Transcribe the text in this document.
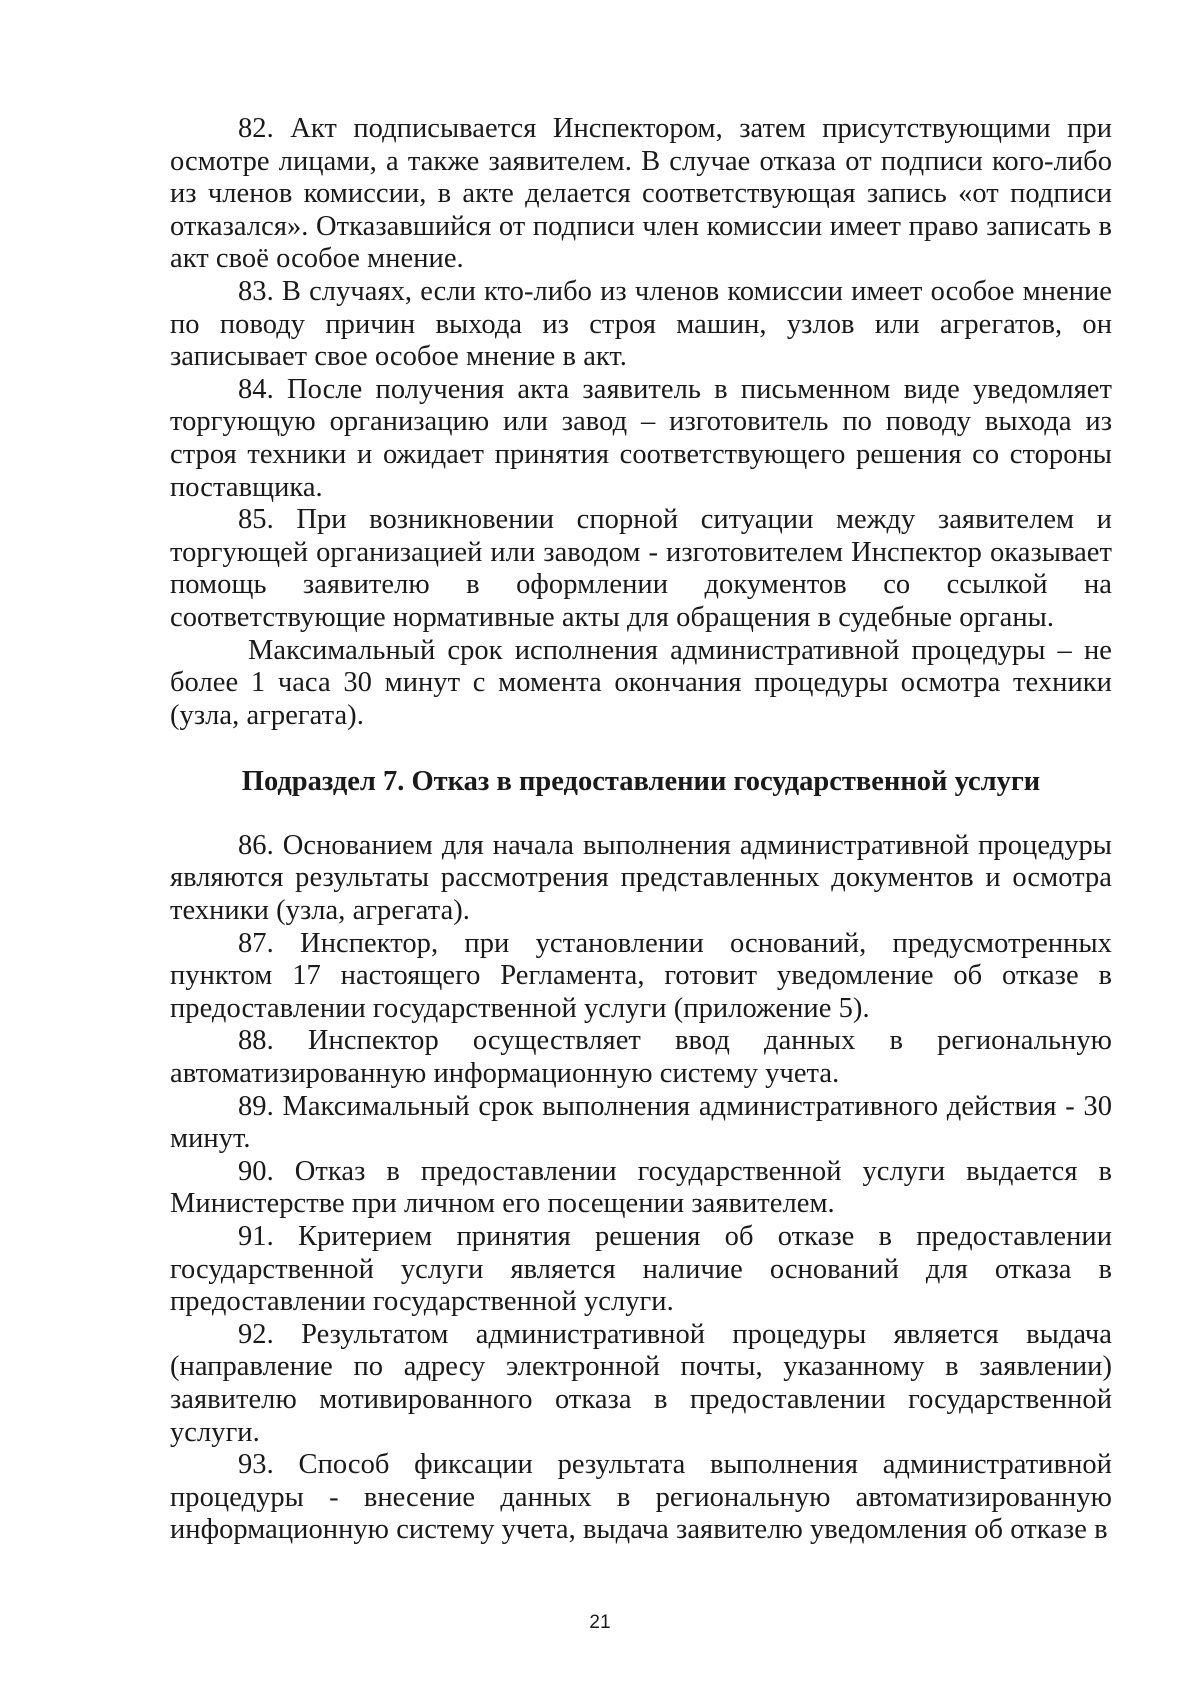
82. Акт подписывается Инспектором, затем присутствующими при осмотре лицами, а также заявителем. В случае отказа от подписи кого-либо из членов комиссии, в акте делается соответствующая запись «от подписи отказался». Отказавшийся от подписи член комиссии имеет право записать в акт своё особое мнение.

83. В случаях, если кто-либо из членов комиссии имеет особое мнение по поводу причин выхода из строя машин, узлов или агрегатов, он записывает свое особое мнение в акт.

84. После получения акта заявитель в письменном виде уведомляет торгующую организацию или завод – изготовитель по поводу выхода из строя техники и ожидает принятия соответствующего решения со стороны поставщика.

85. При возникновении спорной ситуации между заявителем и торгующей организацией или заводом - изготовителем Инспектор оказывает помощь заявителю в оформлении документов со ссылкой на соответствующие нормативные акты для обращения в судебные органы.

Максимальный срок исполнения административной процедуры – не более 1 часа 30 минут с момента окончания процедуры осмотра техники (узла, агрегата).

Подраздел 7. Отказ в предоставлении государственной услуги

86. Основанием для начала выполнения административной процедуры являются результаты рассмотрения представленных документов и осмотра техники (узла, агрегата).

87. Инспектор, при установлении оснований, предусмотренных пунктом 17 настоящего Регламента, готовит уведомление об отказе в предоставлении государственной услуги (приложение 5).

88. Инспектор осуществляет ввод данных в региональную автоматизированную информационную систему учета.

89. Максимальный срок выполнения административного действия - 30 минут.

90. Отказ в предоставлении государственной услуги выдается в Министерстве при личном его посещении заявителем.

91. Критерием принятия решения об отказе в предоставлении государственной услуги является наличие оснований для отказа в предоставлении государственной услуги.

92. Результатом административной процедуры является выдача (направление по адресу электронной почты, указанному в заявлении) заявителю мотивированного отказа в предоставлении государственной услуги.

93. Способ фиксации результата выполнения административной процедуры - внесение данных в региональную автоматизированную информационную систему учета, выдача заявителю уведомления об отказе в

21
